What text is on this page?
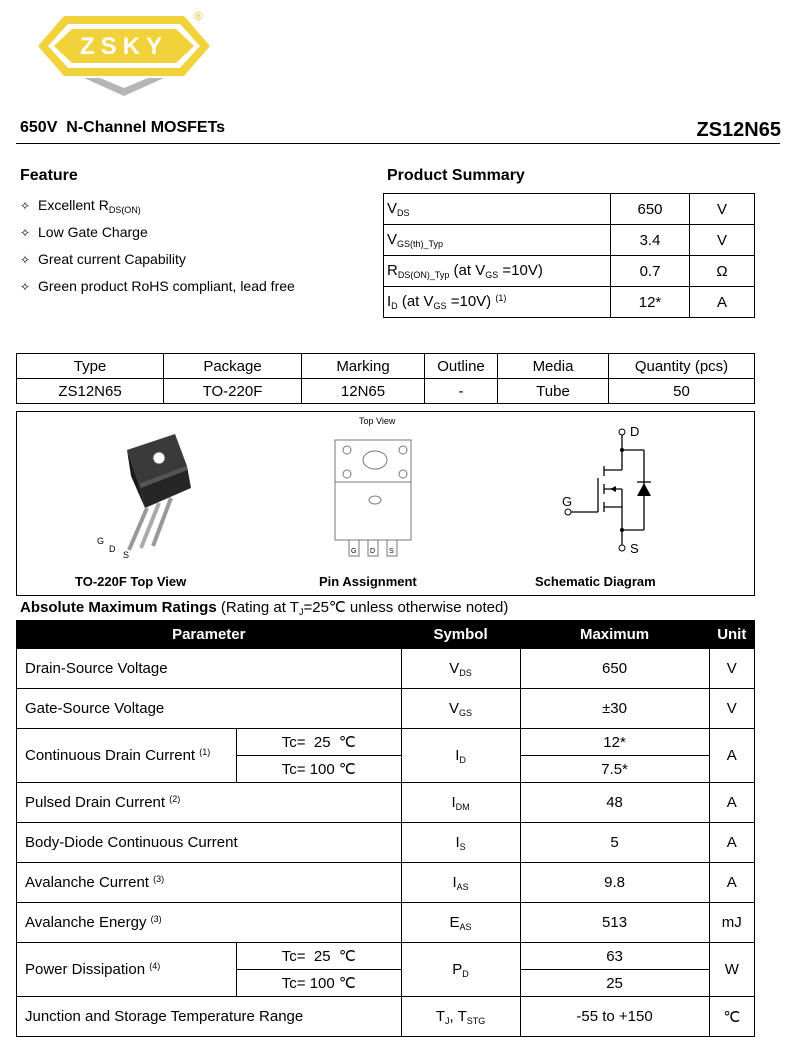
ZSKY
®
650V  N-Channel MOSFETs	ZS12N65
Feature
✧ Excellent $R_{DS(ON)}$
✧ Low Gate Charge
✧ Great current Capability
✧ Green product RoHS compliant, lead free
Product Summary
$V_{DS}$	650	V
$V_{GS(th)\_Typ}$	3.4	V
$R_{DS(ON)\_Typ}$ (at $V_{GS} =10V$)	0.7	Ω
$I_D$ (at $V_{GS} =10V$) $^{(1)}$	12*	A
Type	Package	Marking	Outline	Media	Quantity (pcs)
ZS12N65	TO-220F	12N65	-	Tube	50
G
D
S
Top View
G D S
D
S
G
TO-220F Top View	Pin Assignment	Schematic Diagram
Absolute Maximum Ratings (Rating at $T_J=25℃$ unless otherwise noted)
Parameter		Symbol	Maximum	Unit
Drain-Source Voltage		$V_{DS}$	650	V
Gate-Source Voltage		$V_{GS}$	±30	V
Continuous Drain Current $^{(1)}$	Tc=  25  ℃	$I_D$	12*	A
	Tc= 100 ℃		7.5*	
Pulsed Drain Current $^{(2)}$		$I_{DM}$	48	A
Body-Diode Continuous Current		$I_S$	5	A
Avalanche Current $^{(3)}$		$I_{AS}$	9.8	A
Avalanche Energy $^{(3)}$		$E_{AS}$	513	mJ
Power Dissipation $^{(4)}$	Tc=  25  ℃	$P_D$	63	W
	Tc= 100 ℃		25	
Junction and Storage Temperature Range		$T_J$, $T_{STG}$	-55 to +150	℃
